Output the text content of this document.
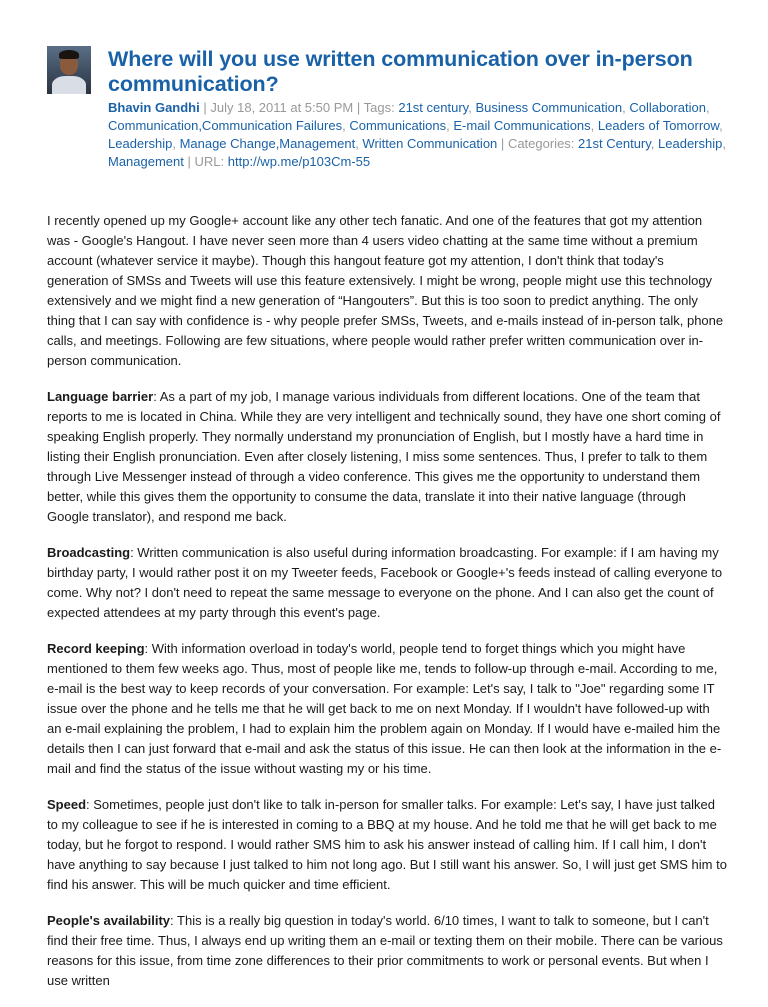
Where will you use written communication over in-person communication?
Bhavin Gandhi | July 18, 2011 at 5:50 PM | Tags: 21st century, Business Communication, Collaboration, Communication,Communication Failures, Communications, E-mail Communications, Leaders of Tomorrow, Leadership, Manage Change,Management, Written Communication | Categories: 21st Century, Leadership, Management | URL: http://wp.me/p103Cm-55

I recently opened up my Google+ account like any other tech fanatic. And one of the features that got my attention was - Google's Hangout. I have never seen more than 4 users video chatting at the same time without a premium account (whatever service it maybe). Though this hangout feature got my attention, I don't think that today's generation of SMSs and Tweets will use this feature extensively. I might be wrong, people might use this technology extensively and we might find a new generation of “Hangouters”. But this is too soon to predict anything. The only thing that I can say with confidence is - why people prefer SMSs, Tweets, and e-mails instead of in-person talk, phone calls, and meetings. Following are few situations, where people would rather prefer written communication over in-person communication.

Language barrier: As a part of my job, I manage various individuals from different locations. One of the team that reports to me is located in China. While they are very intelligent and technically sound, they have one short coming of speaking English properly. They normally understand my pronunciation of English, but I mostly have a hard time in listing their English pronunciation. Even after closely listening, I miss some sentences. Thus, I prefer to talk to them through Live Messenger instead of through a video conference. This gives me the opportunity to understand them better, while this gives them the opportunity to consume the data, translate it into their native language (through Google translator), and respond me back.

Broadcasting: Written communication is also useful during information broadcasting. For example: if I am having my birthday party, I would rather post it on my Tweeter feeds, Facebook or Google+'s feeds instead of calling everyone to come. Why not? I don't need to repeat the same message to everyone on the phone. And I can also get the count of expected attendees at my party through this event's page.

Record keeping: With information overload in today's world, people tend to forget things which you might have mentioned to them few weeks ago. Thus, most of people like me, tends to follow-up through e-mail. According to me, e-mail is the best way to keep records of your conversation. For example: Let's say, I talk to "Joe" regarding some IT issue over the phone and he tells me that he will get back to me on next Monday. If I wouldn't have followed-up with an e-mail explaining the problem, I had to explain him the problem again on Monday. If I would have e-mailed him the details then I can just forward that e-mail and ask the status of this issue. He can then look at the information in the e-mail and find the status of the issue without wasting my or his time.

Speed: Sometimes, people just don't like to talk in-person for smaller talks. For example: Let's say, I have just talked to my colleague to see if he is interested in coming to a BBQ at my house. And he told me that he will get back to me today, but he forgot to respond. I would rather SMS him to ask his answer instead of calling him. If I call him, I don't have anything to say because I just talked to him not long ago. But I still want his answer. So, I will just get SMS him to find his answer. This will be much quicker and time efficient.

People's availability: This is a really big question in today's world. 6/10 times, I want to talk to someone, but I can't find their free time. Thus, I always end up writing them an e-mail or texting them on their mobile. There can be various reasons for this issue, from time zone differences to their prior commitments to work or personal events. But when I use written
